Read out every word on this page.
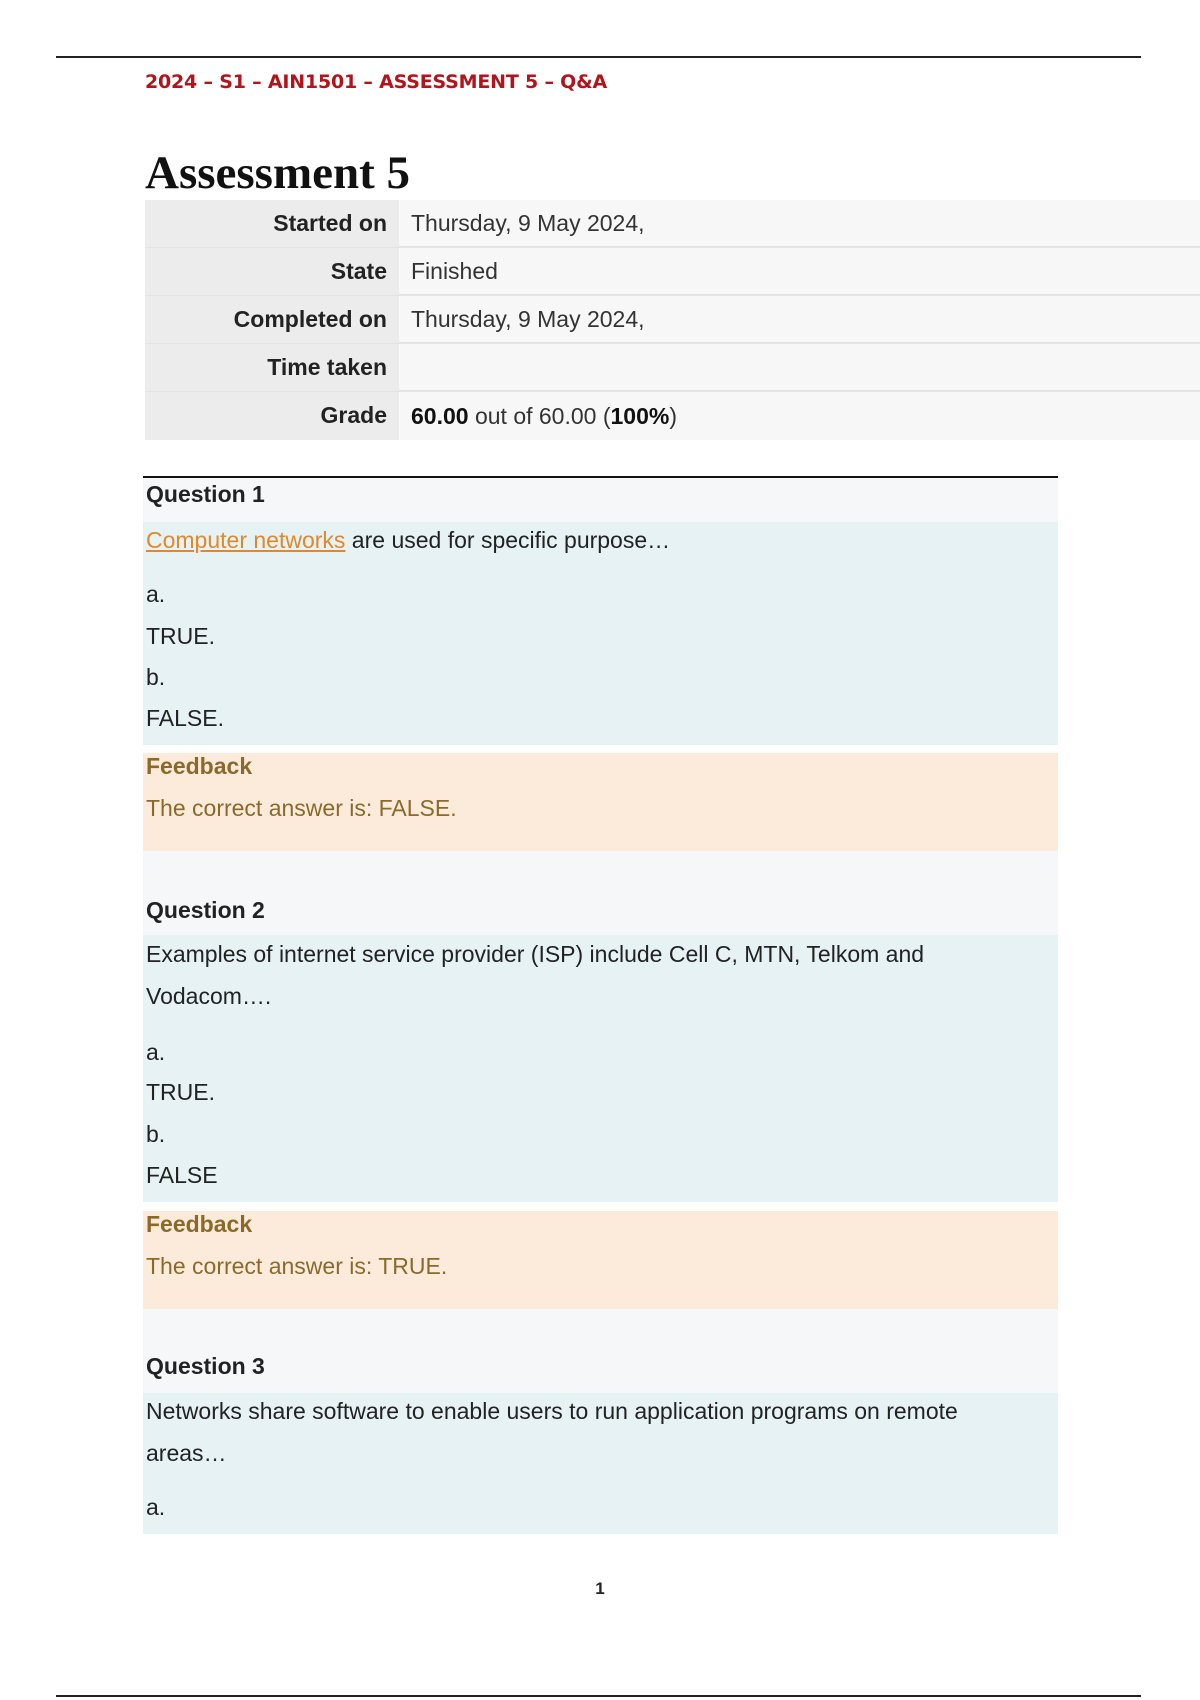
2024 – S1 – AIN1501 – ASSESSMENT 5 – Q&A
Assessment 5
Started on	Thursday, 9 May 2024,
State	Finished
Completed on	Thursday, 9 May 2024,
Time taken	
Grade	60.00 out of 60.00 (100%)
Question 1
Computer networks are used for specific purpose…
a.
TRUE.
b.
FALSE.
Feedback
The correct answer is: FALSE.
Question 2
Examples of internet service provider (ISP) include Cell C, MTN, Telkom and Vodacom….
a.
TRUE.
b.
FALSE
Feedback
The correct answer is: TRUE.
Question 3
Networks share software to enable users to run application programs on remote areas…
a.
1
